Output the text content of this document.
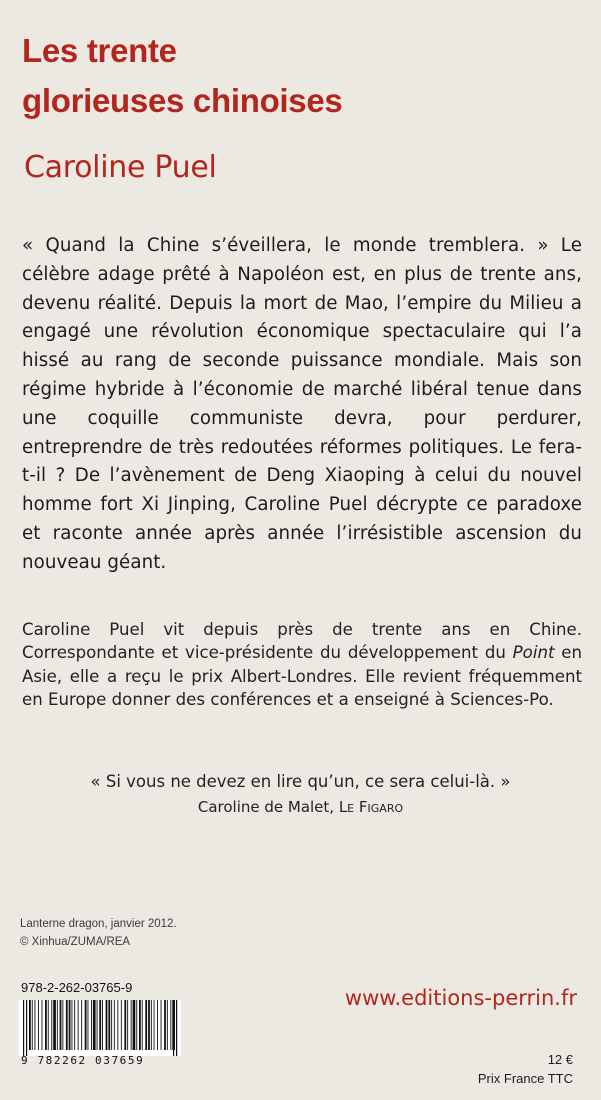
Les trente
glorieuses chinoises
Caroline Puel
« Quand la Chine s’éveillera, le monde tremblera. » Le célèbre adage prêté à Napoléon est, en plus de trente ans, devenu réalité. Depuis la mort de Mao, l’empire du Milieu a engagé une révolution économique spectaculaire qui l’a hissé au rang de seconde puissance mondiale. Mais son régime hybride à l’économie de marché libéral tenue dans une coquille communiste devra, pour perdurer, entreprendre de très redoutées réformes politiques. Le fera-t-il ? De l’avènement de Deng Xiaoping à celui du nouvel homme fort Xi Jinping, Caroline Puel décrypte ce paradoxe et raconte année après année l’irrésistible ascension du nouveau géant.
Caroline Puel vit depuis près de trente ans en Chine. Correspondante et vice-présidente du développement du Point en Asie, elle a reçu le prix Albert-Londres. Elle revient fréquemment en Europe donner des conférences et a enseigné à Sciences-Po.
« Si vous ne devez en lire qu’un, ce sera celui-là. »
Caroline de Malet, Le Figaro
Lanterne dragon, janvier 2012.
© Xinhua/ZUMA/REA
978-2-262-03765-9
9 782262 037659
www.editions-perrin.fr
12 €
Prix France TTC
